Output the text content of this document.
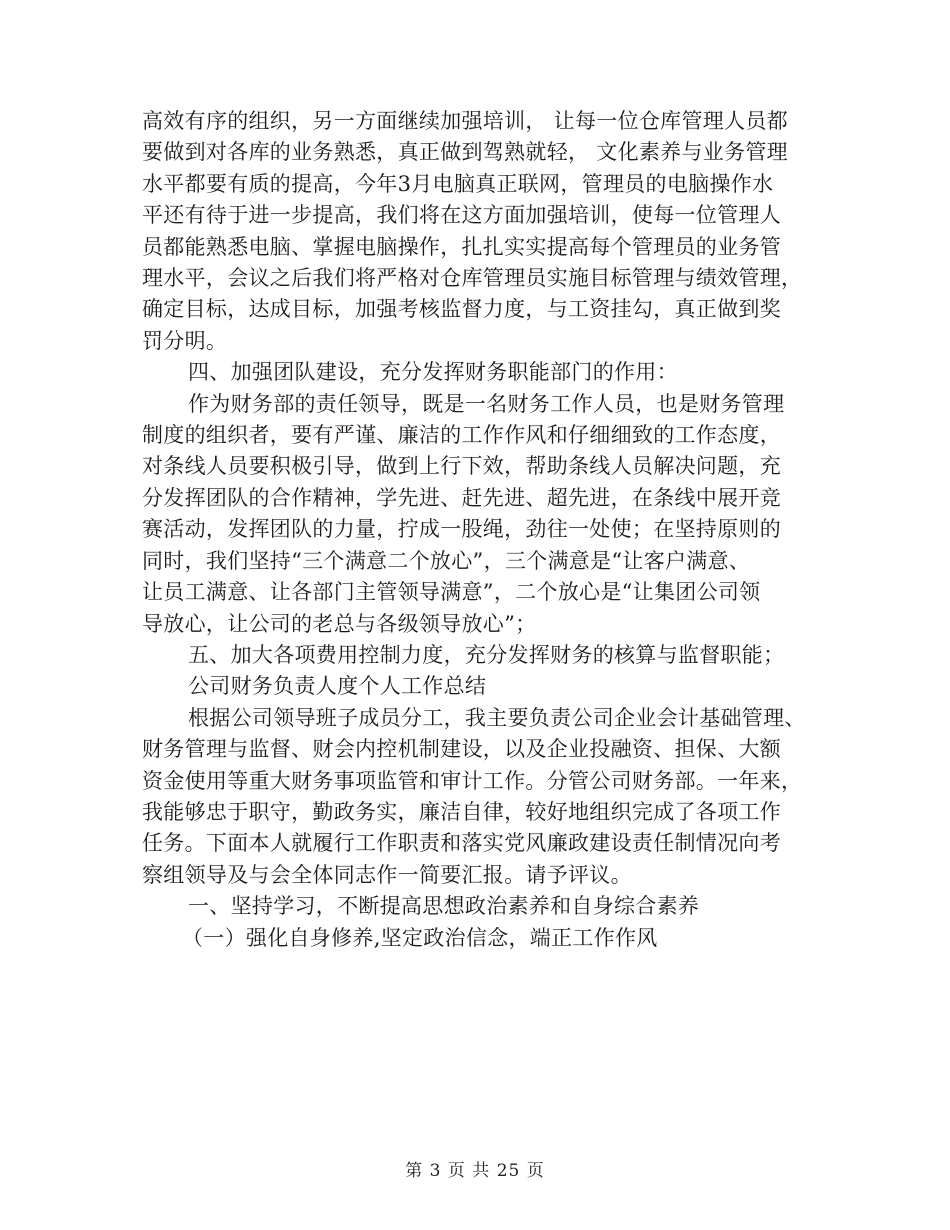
高效有序的组织，另一方面继续加强培训， 让每一位仓库管理人员都
要做到对各库的业务熟悉，真正做到驾熟就轻， 文化素养与业务管理
水平都要有质的提高，今年3月电脑真正联网，管理员的电脑操作水
平还有待于进一步提高，我们将在这方面加强培训，使每一位管理人
员都能熟悉电脑、掌握电脑操作，扎扎实实提高每个管理员的业务管
理水平，会议之后我们将严格对仓库管理员实施目标管理与绩效管理，
确定目标，达成目标，加强考核监督力度，与工资挂勾，真正做到奖
罚分明。
四、加强团队建设，充分发挥财务职能部门的作用：
作为财务部的责任领导，既是一名财务工作人员，也是财务管理
制度的组织者，要有严谨、廉洁的工作作风和仔细细致的工作态度，
对条线人员要积极引导，做到上行下效，帮助条线人员解决问题，充
分发挥团队的合作精神，学先进、赶先进、超先进，在条线中展开竞
赛活动，发挥团队的力量，拧成一股绳，劲往一处使；在坚持原则的
同时，我们坚持“三个满意二个放心”，三个满意是“让客户满意、
让员工满意、让各部门主管领导满意”，二个放心是“让集团公司领
导放心，让公司的老总与各级领导放心”；
五、加大各项费用控制力度，充分发挥财务的核算与监督职能；
公司财务负责人度个人工作总结
根据公司领导班子成员分工，我主要负责公司企业会计基础管理、
财务管理与监督、财会内控机制建设，以及企业投融资、担保、大额
资金使用等重大财务事项监管和审计工作。分管公司财务部。一年来，
我能够忠于职守，勤政务实，廉洁自律，较好地组织完成了各项工作
任务。下面本人就履行工作职责和落实党风廉政建设责任制情况向考
察组领导及与会全体同志作一简要汇报。请予评议。
一、坚持学习，不断提高思想政治素养和自身综合素养
（一）强化自身修养,坚定政治信念，端正工作作风
第 3 页 共 25 页
